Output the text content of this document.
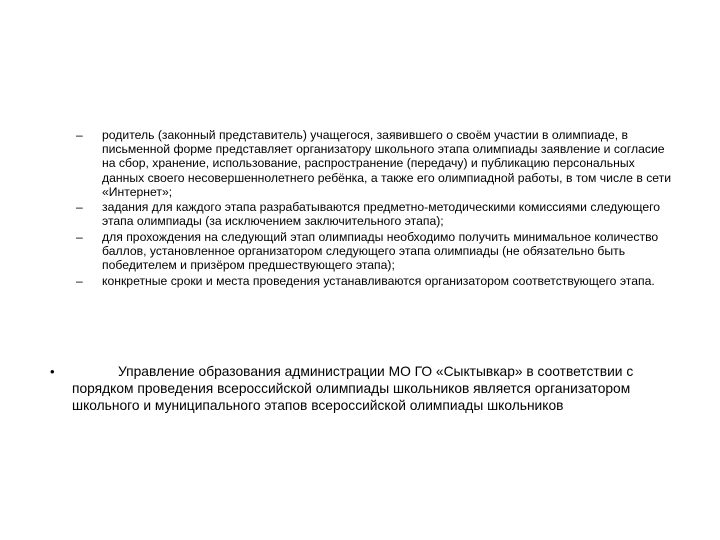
– родитель (законный представитель) учащегося, заявившего о своём участии в олимпиаде, в письменной форме представляет организатору школьного этапа олимпиады заявление и согласие на сбор, хранение, использование, распространение (передачу) и публикацию персональных данных своего несовершеннолетнего ребёнка, а также его олимпиадной работы, в том числе в сети «Интернет»;
– задания для каждого этапа разрабатываются предметно-методическими комиссиями следующего этапа олимпиады (за исключением заключительного этапа);
– для прохождения на следующий этап олимпиады необходимо получить минимальное количество баллов, установленное организатором следующего этапа олимпиады (не обязательно быть победителем и призёром предшествующего этапа);
– конкретные сроки и места проведения устанавливаются организатором соответствующего этапа.
•	Управление образования администрации МО ГО «Сыктывкар» в соответствии с порядком проведения всероссийской олимпиады школьников является организатором школьного и муниципального этапов всероссийской олимпиады школьников
